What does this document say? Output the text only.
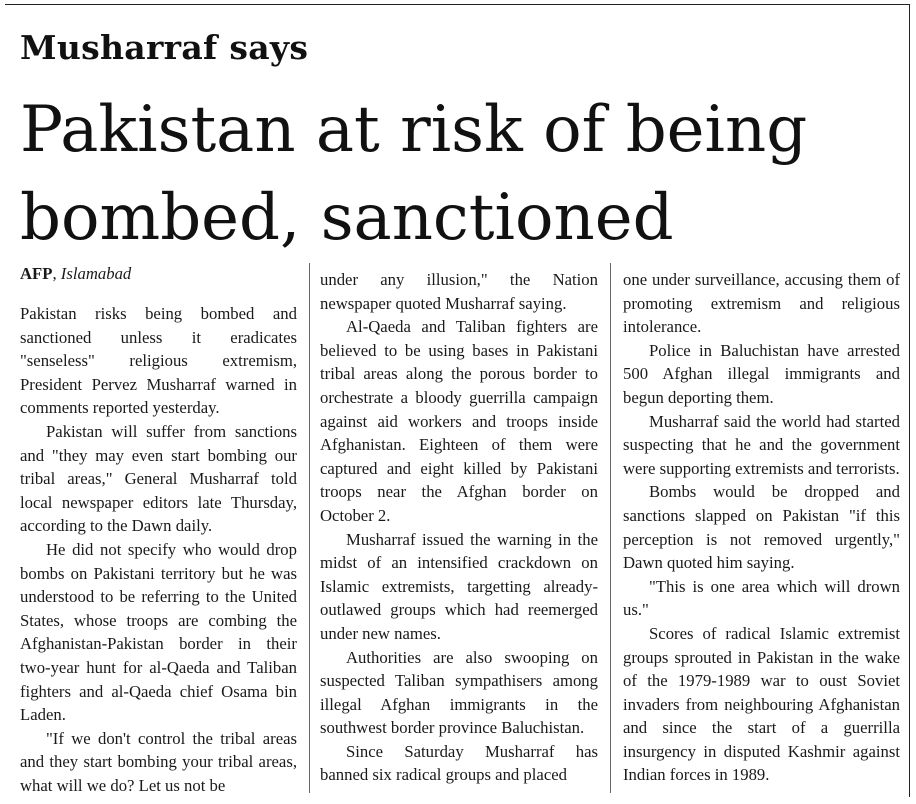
Musharraf says
Pakistan at risk of being bombed, sanctioned
AFP, Islamabad

Pakistan risks being bombed and sanctioned unless it eradicates "senseless" religious extremism, President Pervez Musharraf warned in comments reported yesterday.

Pakistan will suffer from sanctions and "they may even start bombing our tribal areas," General Musharraf told local newspaper editors late Thursday, according to the Dawn daily.

He did not specify who would drop bombs on Pakistani territory but he was understood to be referring to the United States, whose troops are combing the Afghanistan-Pakistan border in their two-year hunt for al-Qaeda and Taliban fighters and al-Qaeda chief Osama bin Laden.

"If we don't control the tribal areas and they start bombing your tribal areas, what will we do? Let us not be

under any illusion," the Nation newspaper quoted Musharraf saying.

Al-Qaeda and Taliban fighters are believed to be using bases in Pakistani tribal areas along the porous border to orchestrate a bloody guerrilla campaign against aid workers and troops inside Afghanistan. Eighteen of them were captured and eight killed by Pakistani troops near the Afghan border on October 2.

Musharraf issued the warning in the midst of an intensified crackdown on Islamic extremists, targetting already-outlawed groups which had reemerged under new names.

Authorities are also swooping on suspected Taliban sympathisers among illegal Afghan immigrants in the southwest border province Baluchistan.

Since Saturday Musharraf has banned six radical groups and placed

one under surveillance, accusing them of promoting extremism and religious intolerance.

Police in Baluchistan have arrested 500 Afghan illegal immigrants and begun deporting them.

Musharraf said the world had started suspecting that he and the government were supporting extremists and terrorists.

Bombs would be dropped and sanctions slapped on Pakistan "if this perception is not removed urgently," Dawn quoted him saying.

"This is one area which will drown us."

Scores of radical Islamic extremist groups sprouted in Pakistan in the wake of the 1979-1989 war to oust Soviet invaders from neighbouring Afghanistan and since the start of a guerrilla insurgency in disputed Kashmir against Indian forces in 1989.
